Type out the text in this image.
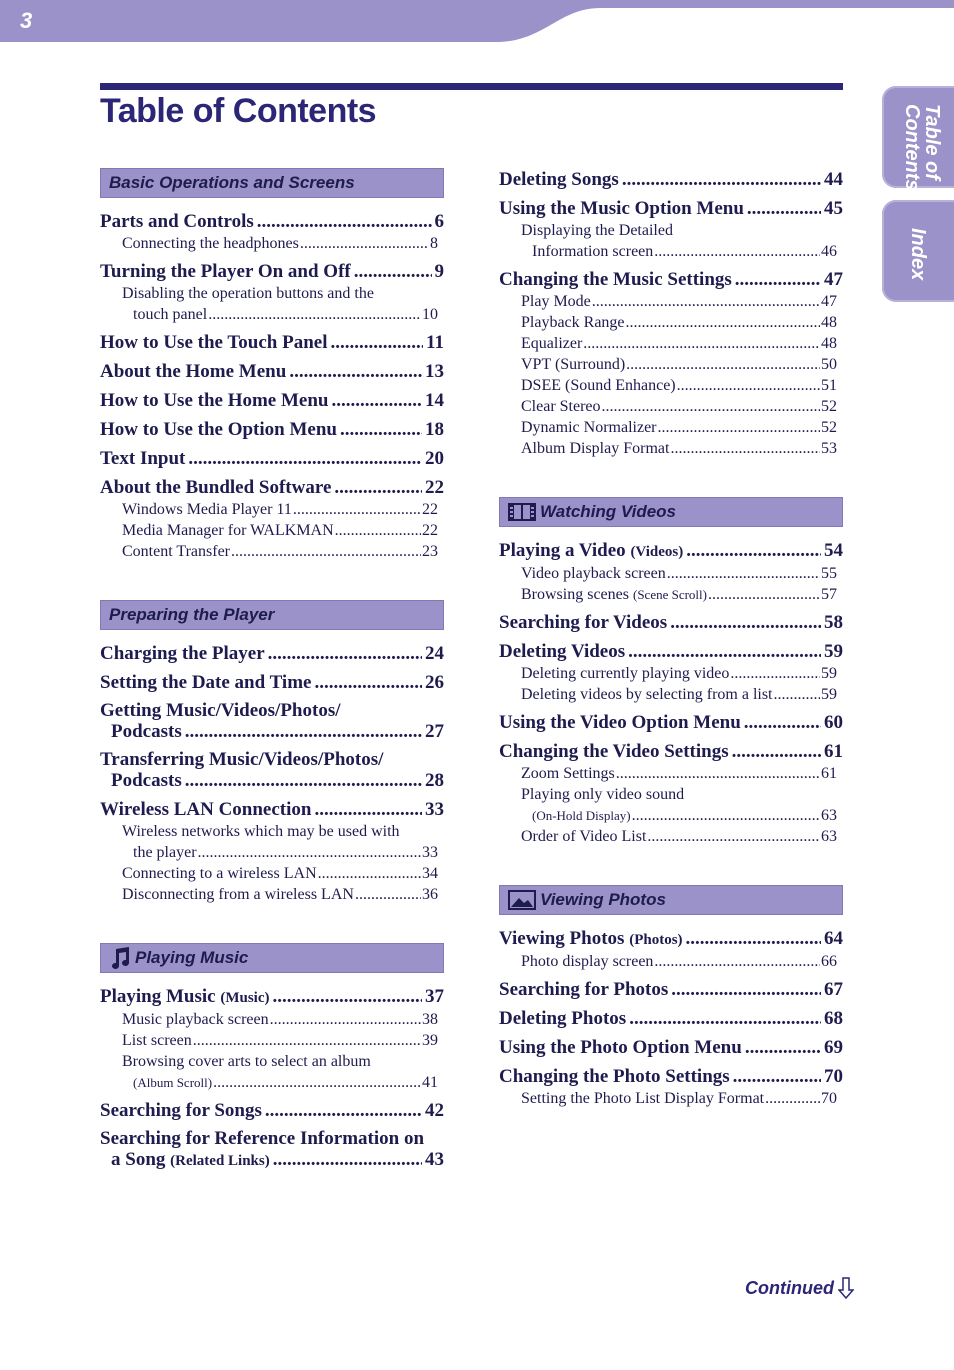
3
Table of Contents	Table of Contents
Index
Basic Operations and Screens
Parts and Controls .....	6
Connecting the headphones .....	8
Turning the Player On and Off .....	9
Disabling the operation buttons and the
touch panel .....	10
How to Use the Touch Panel .....	11
About the Home Menu .....	13
How to Use the Home Menu .....	14
How to Use the Option Menu .....	18
Text Input .....	20
About the Bundled Software .....	22
Windows Media Player 11 .....	22
Media Manager for WALKMAN .....	22
Content Transfer .....	23
Preparing the Player
Charging the Player .....	24
Setting the Date and Time .....	26
Getting Music/Videos/Photos/
Podcasts .....	27
Transferring Music/Videos/Photos/
Podcasts .....	28
Wireless LAN Connection .....	33
Wireless networks which may be used with
the player .....	33
Connecting to a wireless LAN .....	34
Disconnecting from a wireless LAN .....	36
Playing Music
Playing Music (Music) .....	37
Music playback screen .....	38
List screen .....	39
Browsing cover arts to select an album
(Album Scroll) .....	41
Searching for Songs .....	42
Searching for Reference Information on
a Song (Related Links) .....	43
Deleting Songs .....	44
Using the Music Option Menu .....	45
Displaying the Detailed
Information screen .....	46
Changing the Music Settings .....	47
Play Mode .....	47
Playback Range .....	48
Equalizer .....	48
VPT (Surround) .....	50
DSEE (Sound Enhance) .....	51
Clear Stereo .....	52
Dynamic Normalizer .....	52
Album Display Format .....	53
Watching Videos
Playing a Video (Videos) .....	54
Video playback screen .....	55
Browsing scenes (Scene Scroll) .....	57
Searching for Videos .....	58
Deleting Videos .....	59
Deleting currently playing video .....	59
Deleting videos by selecting from a list .....	59
Using the Video Option Menu .....	60
Changing the Video Settings .....	61
Zoom Settings .....	61
Playing only video sound
(On-Hold Display) .....	63
Order of Video List .....	63
Viewing Photos
Viewing Photos (Photos) .....	64
Photo display screen .....	66
Searching for Photos .....	67
Deleting Photos .....	68
Using the Photo Option Menu .....	69
Changing the Photo Settings .....	70
Setting the Photo List Display Format .....	70
Continued
